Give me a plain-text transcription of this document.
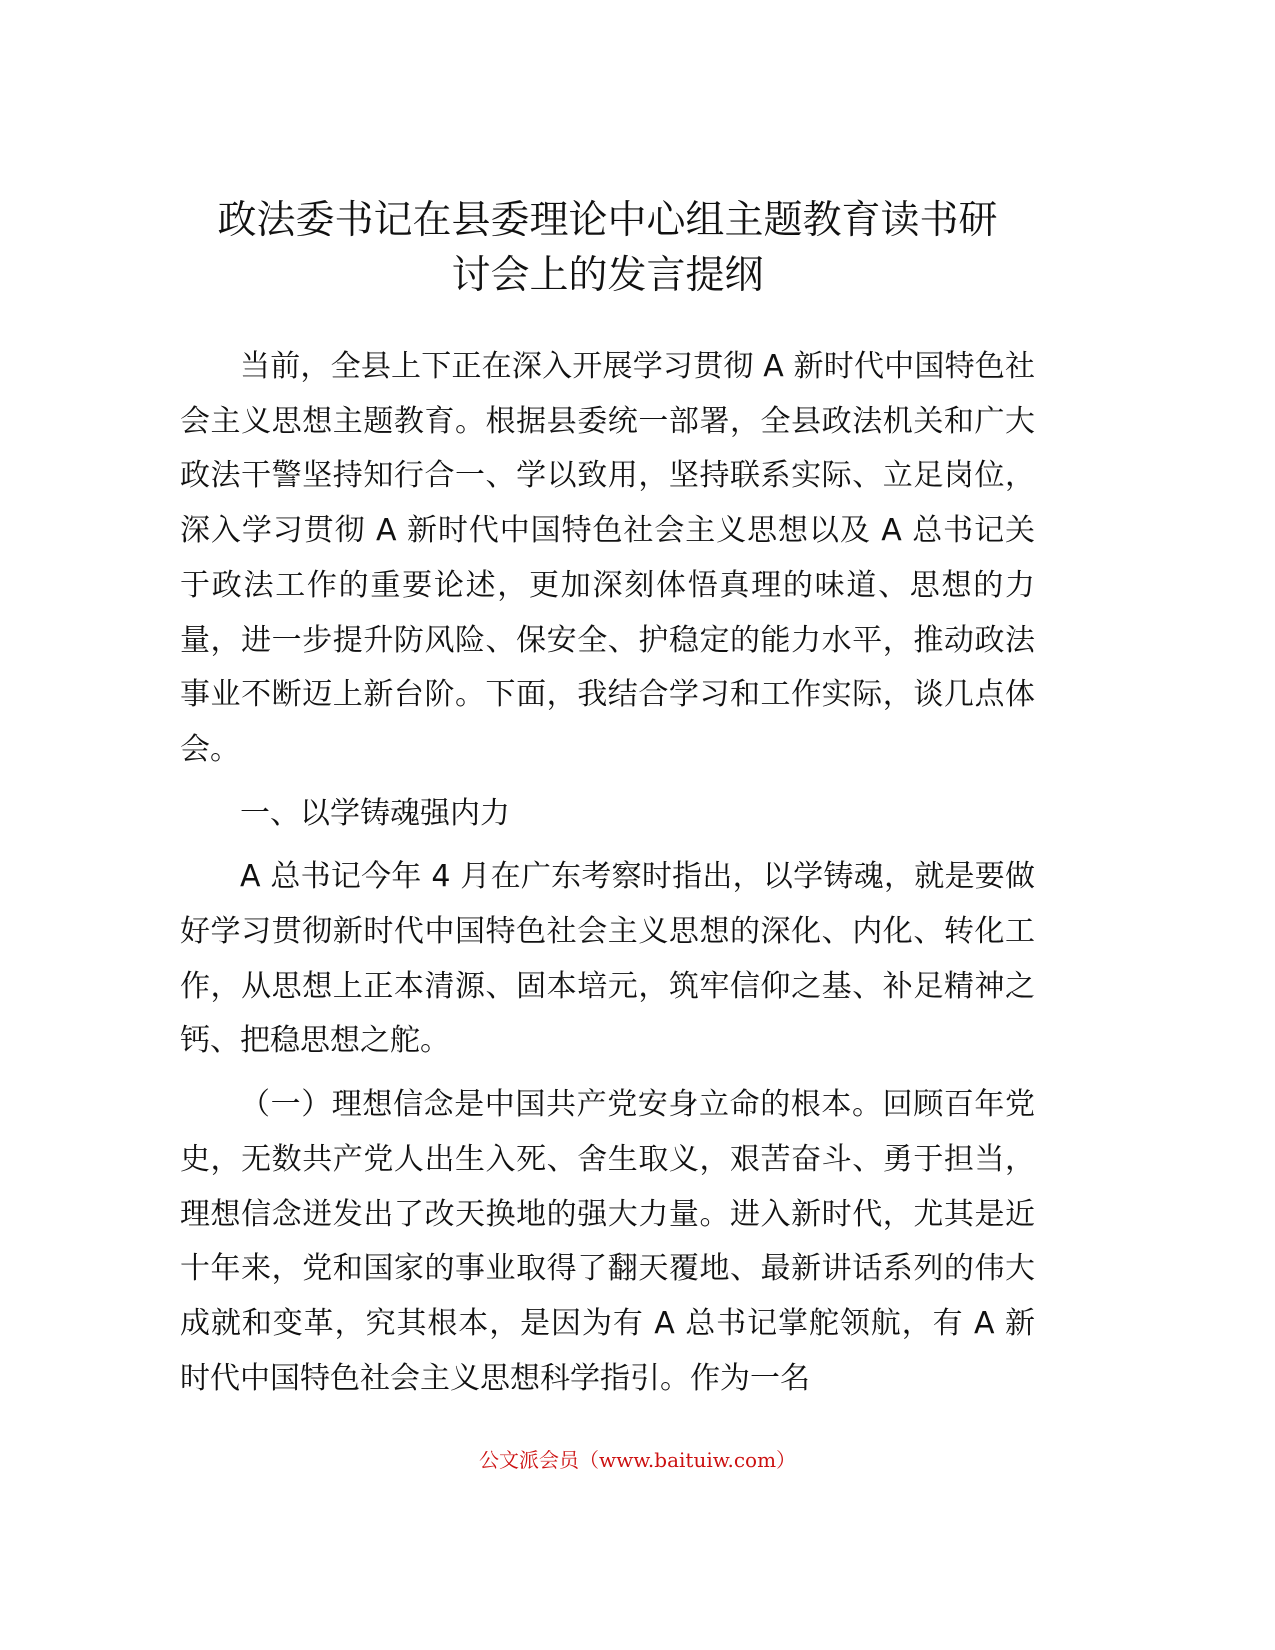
政法委书记在县委理论中心组主题教育读书研
讨会上的发言提纲

当前，全县上下正在深入开展学习贯彻 A 新时代中国特色社会主义思想主题教育。根据县委统一部署，全县政法机关和广大政法干警坚持知行合一、学以致用，坚持联系实际、立足岗位，深入学习贯彻 A 新时代中国特色社会主义思想以及 A 总书记关于政法工作的重要论述，更加深刻体悟真理的味道、思想的力量，进一步提升防风险、保安全、护稳定的能力水平，推动政法事业不断迈上新台阶。下面，我结合学习和工作实际，谈几点体会。

一、以学铸魂强内力

A 总书记今年 4 月在广东考察时指出，以学铸魂，就是要做好学习贯彻新时代中国特色社会主义思想的深化、内化、转化工作，从思想上正本清源、固本培元，筑牢信仰之基、补足精神之钙、把稳思想之舵。

（一）理想信念是中国共产党安身立命的根本。回顾百年党史，无数共产党人出生入死、舍生取义，艰苦奋斗、勇于担当，理想信念迸发出了改天换地的强大力量。进入新时代，尤其是近十年来，党和国家的事业取得了翻天覆地、最新讲话系列的伟大成就和变革，究其根本，是因为有 A 总书记掌舵领航，有 A 新时代中国特色社会主义思想科学指引。作为一名

公文派会员（www.baituiw.com）
